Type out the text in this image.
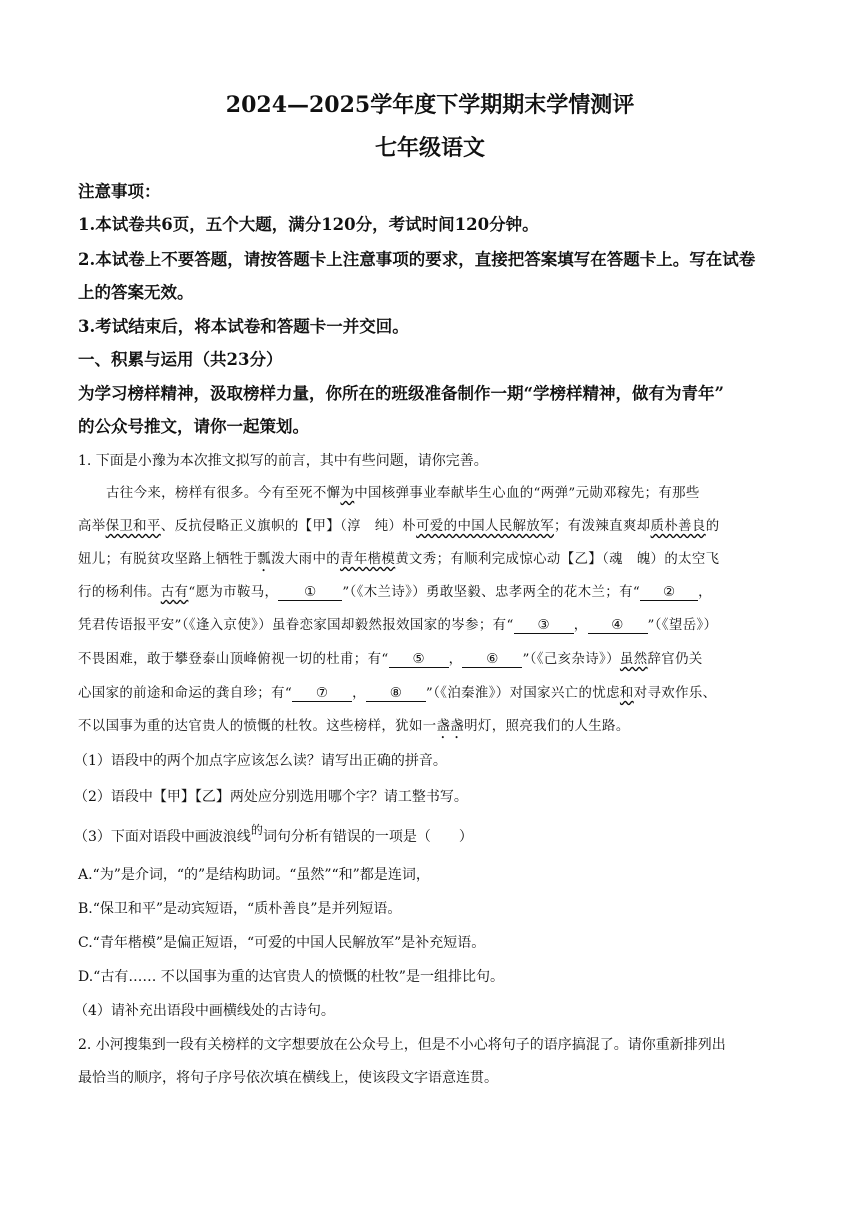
2024—2025学年度下学期期末学情测评
七年级语文
注意事项：
1.本试卷共6页，五个大题，满分120分，考试时间120分钟。
2.本试卷上不要答题，请按答题卡上注意事项的要求，直接把答案填写在答题卡上。写在试卷
上的答案无效。
3.考试结束后，将本试卷和答题卡一并交回。
一、积累与运用（共23分）
为学习榜样精神，汲取榜样力量，你所在的班级准备制作一期“学榜样精神，做有为青年”
的公众号推文，请你一起策划。
1. 下面是小豫为本次推文拟写的前言，其中有些问题，请你完善。
古往今来，榜样有很多。今有至死不懈为中国核弹事业奉献毕生心血的“两弹”元勋邓稼先；有那些
高举保卫和平、反抗侵略正义旗帜的【甲】（淳　纯）朴可爱的中国人民解放军；有泼辣直爽却质朴善良的
妞儿；有脱贫攻坚路上牺牲于瓢泼大雨中的青年楷模黄文秀；有顺利完成惊心动【乙】（魂　魄）的太空飞
行的杨利伟。古有“愿为市鞍马， ① ”（《木兰诗》）勇敢坚毅、忠孝两全的花木兰；有“ ② ，
凭君传语报平安”（《逢入京使》）虽眷恋家国却毅然报效国家的岑参；有“ ③ ， ④ ”（《望岳》）
不畏困难，敢于攀登泰山顶峰俯视一切的杜甫；有“ ⑤ ， ⑥ ”（《己亥杂诗》）虽然辞官仍关
心国家的前途和命运的龚自珍；有“ ⑦ ， ⑧ ”（《泊秦淮》）对国家兴亡的忧虑和对寻欢作乐、
不以国事为重的达官贵人的愤慨的杜牧。这些榜样，犹如一盏盏明灯，照亮我们的人生路。
（1）语段中的两个加点字应该怎么读？请写出正确的拼音。
（2）语段中【甲】【乙】两处应分别选用哪个字？请工整书写。
（3）下面对语段中画波浪线的词句分析有错误的一项是（　　）
A.“为”是介词，“的”是结构助词。“虽然”“和”都是连词，
B.“保卫和平”是动宾短语，“质朴善良”是并列短语。
C.“青年楷模”是偏正短语，“可爱的中国人民解放军”是补充短语。
D.“古有…… 不以国事为重的达官贵人的愤慨的杜牧”是一组排比句。
（4）请补充出语段中画横线处的古诗句。
2. 小河搜集到一段有关榜样的文字想要放在公众号上，但是不小心将句子的语序搞混了。请你重新排列出
最恰当的顺序，将句子序号依次填在横线上，使该段文字语意连贯。
